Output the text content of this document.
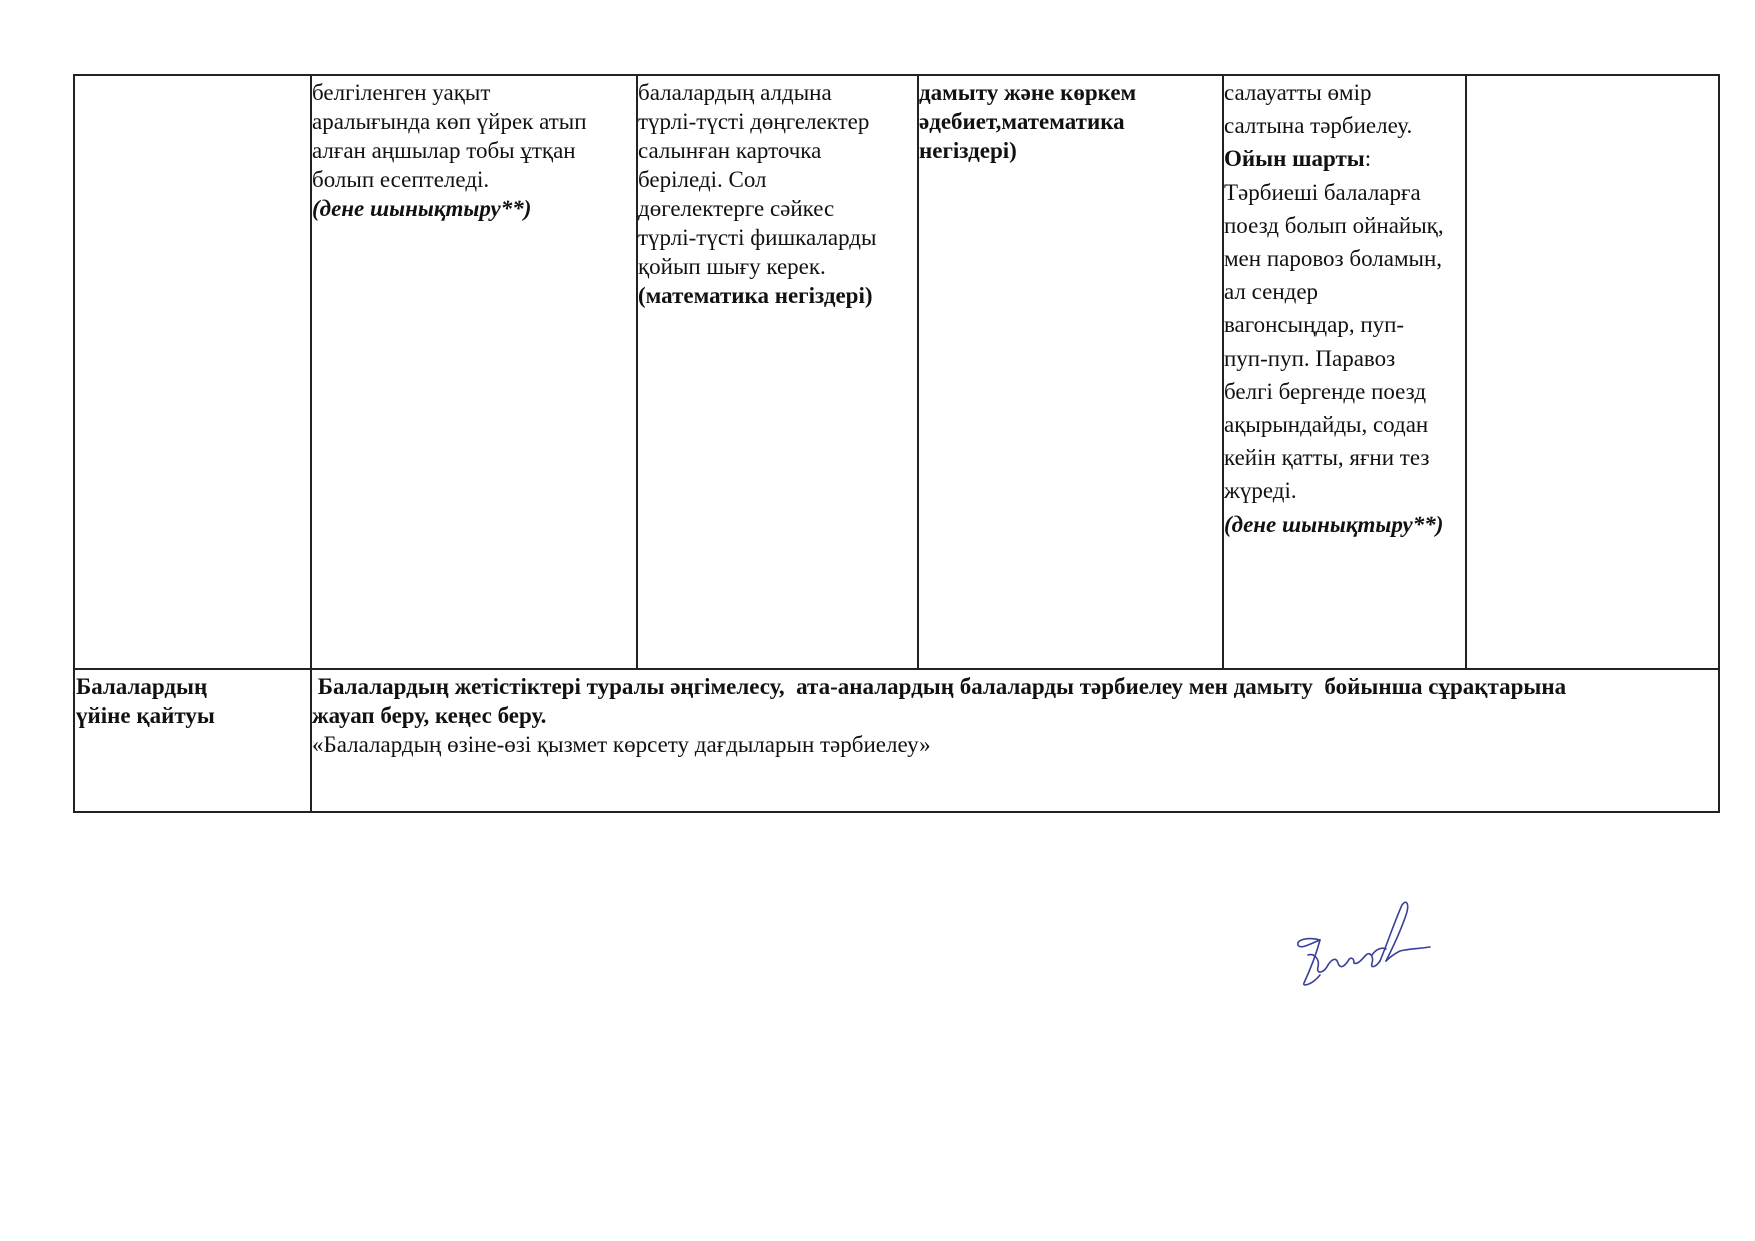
белгіленген уақыт
аралығында көп үйрек атып
алған аңшылар тобы ұтқан
болып есептеледі.
(дене шынықтыру**)
балалардың алдына
түрлі-түсті дөңгелектер
салынған карточка
беріледі. Сол
дөгелектерге сәйкес
түрлі-түсті фишкаларды
қойып шығу керек.
(математика негіздері)
дамыту және көркем
әдебиет,математика
негіздері)
салауатты өмір
салтына тәрбиелеу.
Ойын шарты:
Тәрбиеші балаларға
поезд болып ойнайық,
мен паровоз боламын,
ал сендер
вагонсыңдар, пуп-
пуп-пуп. Паравоз
белгі бергенде поезд
ақырындайды, содан
кейін қатты, яғни тез
жүреді.
(дене шынықтыру**)
Балалардың
үйіне қайтуы
Балалардың жетістіктері туралы әңгімелесу,  ата-аналардың балаларды тәрбиелеу мен дамыту  бойынша сұрақтарына
жауап беру, кеңес беру.
«Балалардың өзіне-өзі қызмет көрсету дағдыларын тәрбиелеу»
